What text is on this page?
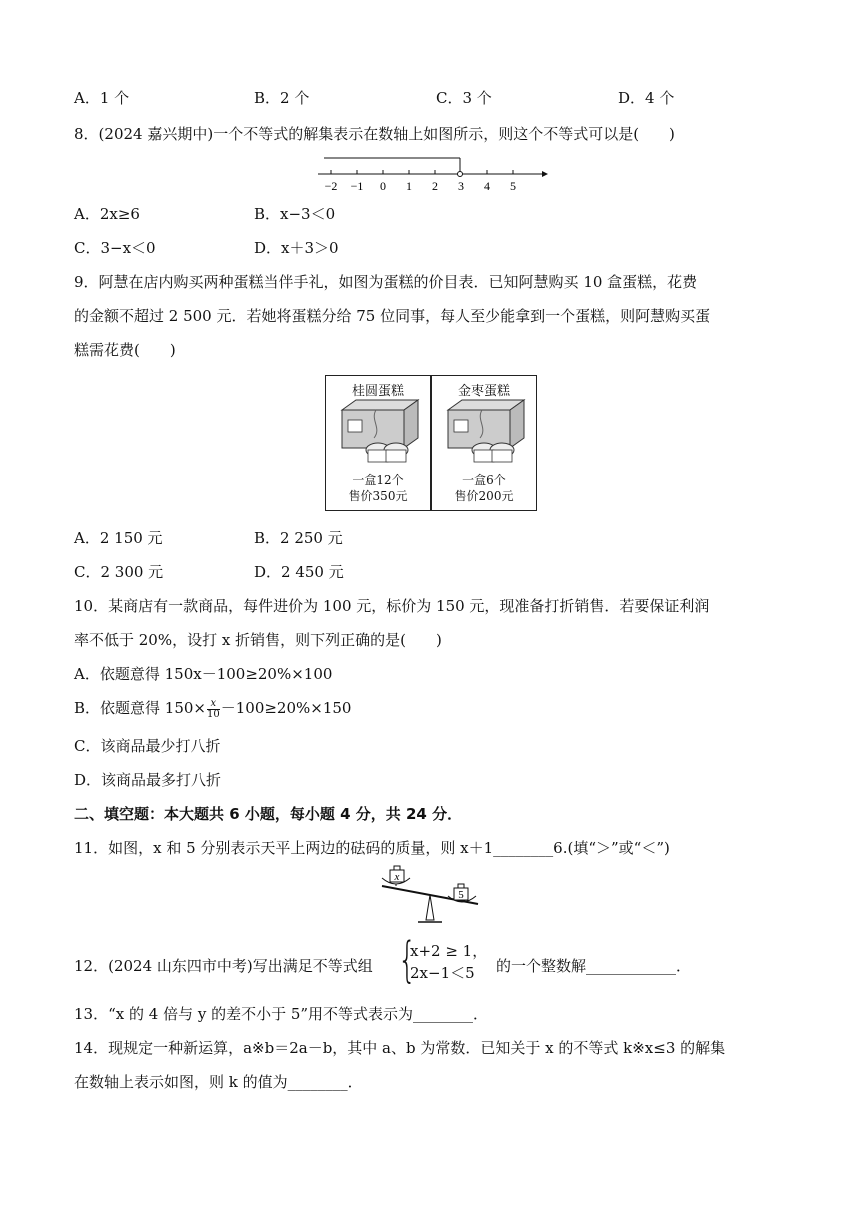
A．1 个	B．2 个	C．3 个	D．4 个
8．(2024 嘉兴期中)一个不等式的解集表示在数轴上如图所示，则这个不等式可以是(　　)
−2 −1 0 1 2 3 4 5
A．2x≥6	B．x−3＜0
C．3−x＜0	D．x＋3＞0
9．阿慧在店内购买两种蛋糕当伴手礼，如图为蛋糕的价目表．已知阿慧购买 10 盒蛋糕，花费
的金额不超过 2 500 元．若她将蛋糕分给 75 位同事，每人至少能拿到一个蛋糕，则阿慧购买蛋
糕需花费(　　)
桂圆蛋糕
一盒12个
售价350元
金枣蛋糕
一盒6个
售价200元
A．2 150 元	B．2 250 元
C．2 300 元	D．2 450 元
10．某商店有一款商品，每件进价为 100 元，标价为 150 元，现准备打折销售．若要保证利润
率不低于 20%，设打 x 折销售，则下列正确的是(　　)
A．依题意得 150x－100≥20%×100
B．依题意得 $150\times \frac{x}{10} -100\ge 20\%\times 150$
C．该商品最少打八折
D．该商品最多打八折
二、填空题：本大题共 6 小题，每小题 4 分，共 24 分．
11．如图，x 和 5 分别表示天平上两边的砝码的质量，则 x＋1________6.(填“＞”或“＜”)
x
5
12．(2024 山东四市中考)写出满足不等式组 {
x+2 ≥ 1，
2x−1＜5 的一个整数解____________．
13．“x 的 4 倍与 y 的差不小于 5”用不等式表示为________．
14．现规定一种新运算，a※b＝2a－b，其中 a、b 为常数．已知关于 x 的不等式 k※x≤3 的解集
在数轴上表示如图，则 k 的值为________．
